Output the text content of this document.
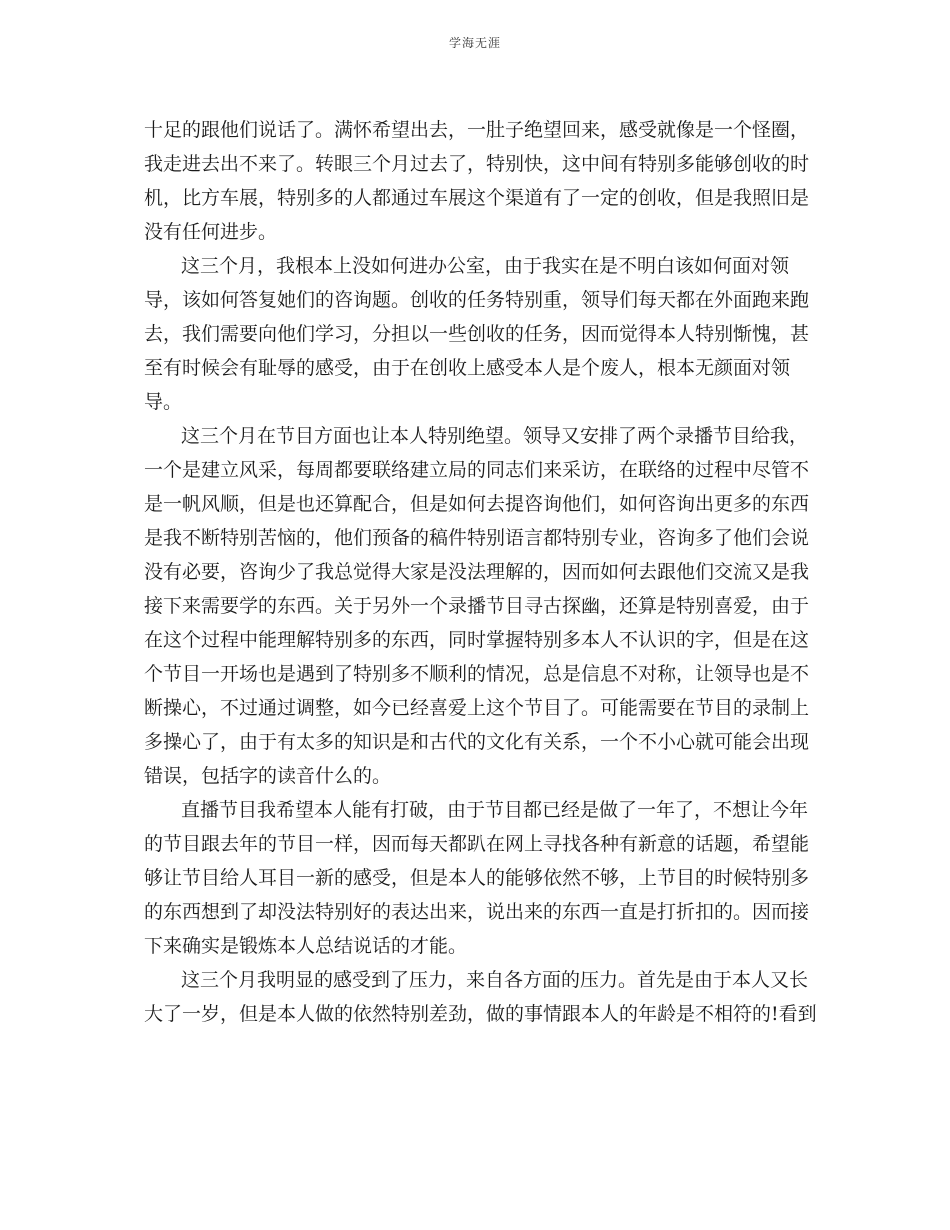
学海无涯

十足的跟他们说话了。满怀希望出去，一肚子绝望回来，感受就像是一个怪圈，

我走进去出不来了。转眼三个月过去了，特别快，这中间有特别多能够创收的时

机，比方车展，特别多的人都通过车展这个渠道有了一定的创收，但是我照旧是

没有任何进步。

这三个月，我根本上没如何进办公室，由于我实在是不明白该如何面对领

导，该如何答复她们的咨询题。创收的任务特别重，领导们每天都在外面跑来跑

去，我们需要向他们学习，分担以一些创收的任务，因而觉得本人特别惭愧，甚

至有时候会有耻辱的感受，由于在创收上感受本人是个废人，根本无颜面对领

导。

这三个月在节目方面也让本人特别绝望。领导又安排了两个录播节目给我，

一个是建立风采，每周都要联络建立局的同志们来采访，在联络的过程中尽管不

是一帆风顺，但是也还算配合，但是如何去提咨询他们，如何咨询出更多的东西

是我不断特别苦恼的，他们预备的稿件特别语言都特别专业，咨询多了他们会说

没有必要，咨询少了我总觉得大家是没法理解的，因而如何去跟他们交流又是我

接下来需要学的东西。关于另外一个录播节目寻古探幽，还算是特别喜爱，由于

在这个过程中能理解特别多的东西，同时掌握特别多本人不认识的字，但是在这

个节目一开场也是遇到了特别多不顺利的情况，总是信息不对称，让领导也是不

断操心，不过通过调整，如今已经喜爱上这个节目了。可能需要在节目的录制上

多操心了，由于有太多的知识是和古代的文化有关系，一个不小心就可能会出现

错误，包括字的读音什么的。

直播节目我希望本人能有打破，由于节目都已经是做了一年了，不想让今年

的节目跟去年的节目一样，因而每天都趴在网上寻找各种有新意的话题，希望能

够让节目给人耳目一新的感受，但是本人的能够依然不够，上节目的时候特别多

的东西想到了却没法特别好的表达出来，说出来的东西一直是打折扣的。因而接

下来确实是锻炼本人总结说话的才能。

这三个月我明显的感受到了压力，来自各方面的压力。首先是由于本人又长

大了一岁，但是本人做的依然特别差劲，做的事情跟本人的年龄是不相符的!看到
